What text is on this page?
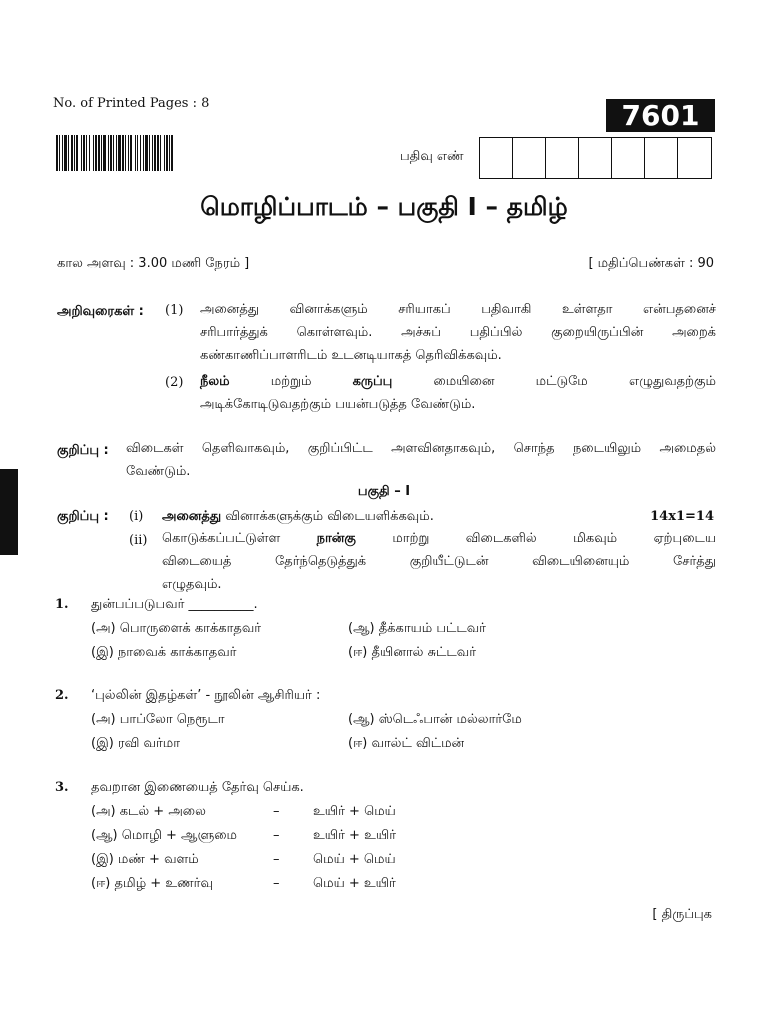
No. of Printed Pages : 8	7601
பதிவு எண்
மொழிப்பாடம் – பகுதி I – தமிழ்
கால அளவு : 3.00 மணி நேரம் ]	[ மதிப்பெண்கள் : 90
அறிவுரைகள் : (1) அனைத்து வினாக்களும் சரியாகப் பதிவாகி உள்ளதா என்பதனைச்
சரிபார்த்துக் கொள்ளவும். அச்சுப் பதிப்பில் குறையிருப்பின் அறைக்
கண்காணிப்பாளரிடம் உடனடியாகத் தெரிவிக்கவும்.
(2) நீலம்	மற்றும்	கருப்பு	மையினை	மட்டுமே	எழுதுவதற்கும்
அடிக்கோடிடுவதற்கும் பயன்படுத்த வேண்டும்.
குறிப்பு : விடைகள் தெளிவாகவும், குறிப்பிட்ட அளவினதாகவும், சொந்த நடையிலும் அமைதல்
வேண்டும்.
பகுதி – I
குறிப்பு : (i) அனைத்து வினாக்களுக்கும் விடையளிக்கவும்.	14x1=14
(ii) கொடுக்கப்பட்டுள்ள	நான்கு	மாற்று விடைகளில் மிகவும் ஏற்புடைய
விடையைத் தேர்ந்தெடுத்துக் குறியீட்டுடன் விடையினையும் சேர்த்து
எழுதவும்.
1. துன்பப்படுபவர் __________.
(அ) பொருளைக் காக்காதவர்	(ஆ) தீக்காயம் பட்டவர்
(இ) நாவைக் காக்காதவர்	(ஈ) தீயினால் சுட்டவர்
2. ‘புல்லின் இதழ்கள்’ - நூலின் ஆசிரியர் :
(அ) பாப்லோ நெரூடா	(ஆ) ஸ்டெஃபான் மல்லார்மே
(இ) ரவி வர்மா	(ஈ) வால்ட் விட்மன்
3. தவறான இணையைத் தேர்வு செய்க.
(அ) கடல் + அலை	–	உயிர் + மெய்
(ஆ) மொழி + ஆளுமை	–	உயிர் + உயிர்
(இ) மண் + வளம்	–	மெய் + மெய்
(ஈ) தமிழ் + உணர்வு	–	மெய் + உயிர்
[ திருப்புக
